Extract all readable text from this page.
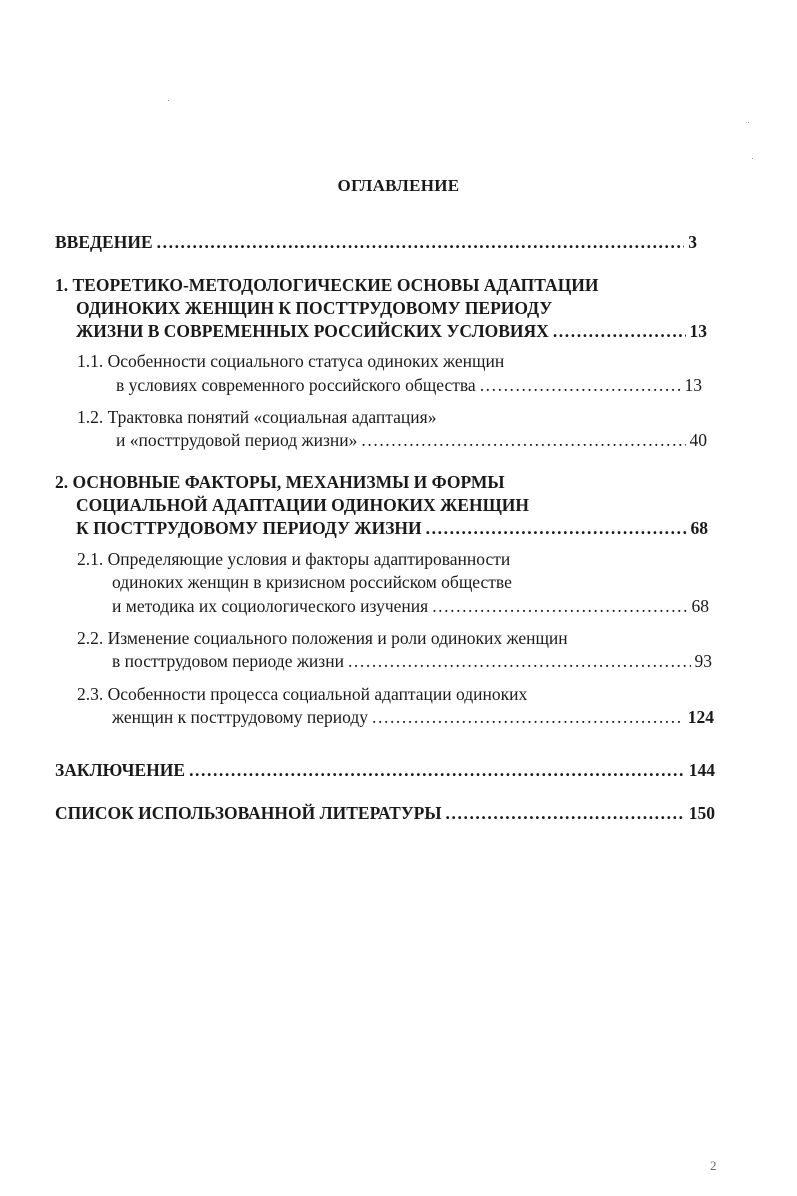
ОГЛАВЛЕНИЕ
ВВЕДЕНИЕ .....	3
1. ТЕОРЕТИКО-МЕТОДОЛОГИЧЕСКИЕ ОСНОВЫ АДАПТАЦИИ
ОДИНОКИХ ЖЕНЩИН К ПОСТТРУДОВОМУ ПЕРИОДУ
ЖИЗНИ В СОВРЕМЕННЫХ РОССИЙСКИХ УСЛОВИЯХ .....	13
1.1. Особенности социального статуса одиноких женщин
в условиях современного российского общества .....	13
1.2. Трактовка понятий «социальная адаптация»
и «посттрудовой период жизни» .....	40
2. ОСНОВНЫЕ ФАКТОРЫ, МЕХАНИЗМЫ И ФОРМЫ
СОЦИАЛЬНОЙ АДАПТАЦИИ ОДИНОКИХ ЖЕНЩИН
К ПОСТТРУДОВОМУ ПЕРИОДУ ЖИЗНИ .....	68
2.1. Определяющие условия и факторы адаптированности
одиноких женщин в кризисном российском обществе
и методика их социологического изучения .....	68
2.2. Изменение социального положения и роли одиноких женщин
в посттрудовом периоде жизни .....	93
2.3. Особенности процесса социальной адаптации одиноких
женщин к посттрудовому периоду .....	124
ЗАКЛЮЧЕНИЕ .....	144
СПИСОК ИСПОЛЬЗОВАННОЙ ЛИТЕРАТУРЫ .....	150
2
